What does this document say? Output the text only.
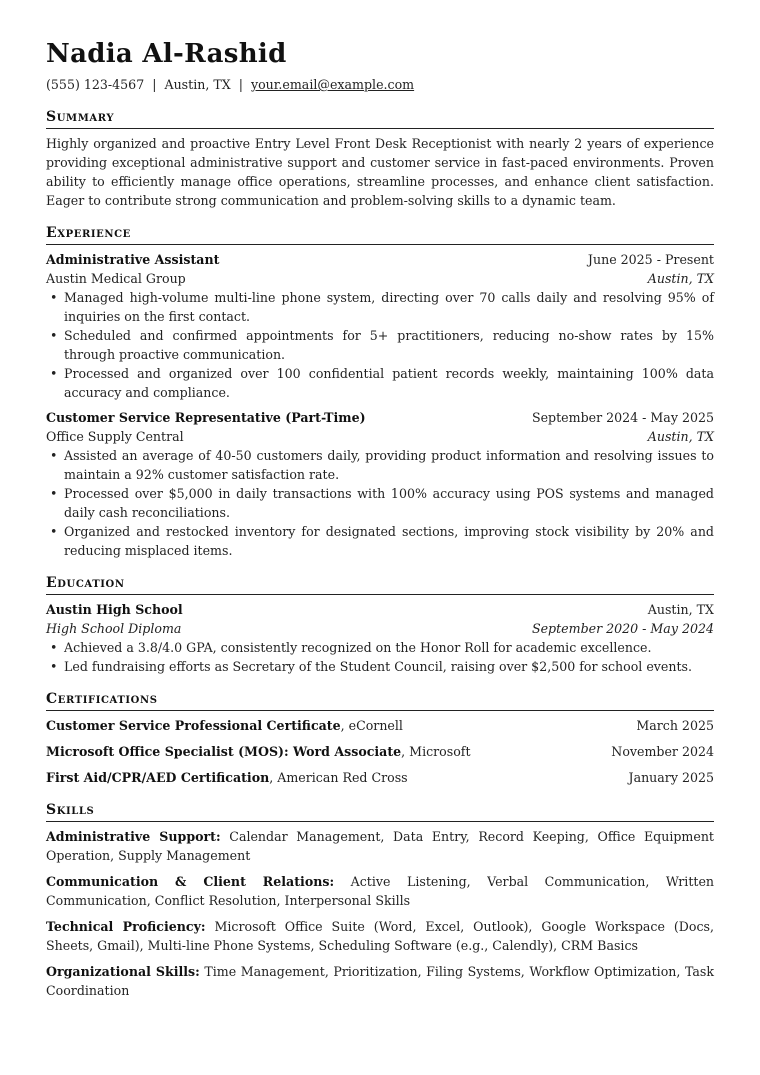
Nadia Al-Rashid
(555) 123-4567 | Austin, TX | your.email@example.com
Summary

Highly organized and proactive Entry Level Front Desk Receptionist with nearly 2 years of experience providing exceptional administrative support and customer service in fast-paced environments. Proven ability to efficiently manage office operations, streamline processes, and enhance client satisfaction. Eager to contribute strong communication and problem-solving skills to a dynamic team.

Experience
Administrative Assistant	June 2025 - Present
Austin Medical Group	Austin, TX
• Managed high-volume multi-line phone system, directing over 70 calls daily and resolving 95% of inquiries on the first contact.
• Scheduled and confirmed appointments for 5+ practitioners, reducing no-show rates by 15% through proactive communication.
• Processed and organized over 100 confidential patient records weekly, maintaining 100% data accuracy and compliance.
Customer Service Representative (Part-Time)	September 2024 - May 2025
Office Supply Central	Austin, TX
• Assisted an average of 40-50 customers daily, providing product information and resolving issues to maintain a 92% customer satisfaction rate.
• Processed over $5,000 in daily transactions with 100% accuracy using POS systems and managed daily cash reconciliations.
• Organized and restocked inventory for designated sections, improving stock visibility by 20% and reducing misplaced items.
Education
Austin High School	Austin, TX
High School Diploma	September 2020 - May 2024
• Achieved a 3.8/4.0 GPA, consistently recognized on the Honor Roll for academic excellence.
• Led fundraising efforts as Secretary of the Student Council, raising over $2,500 for school events.
Certifications
Customer Service Professional Certificate, eCornell	March 2025
Microsoft Office Specialist (MOS): Word Associate, Microsoft	November 2024
First Aid/CPR/AED Certification, American Red Cross	January 2025
Skills

Administrative Support: Calendar Management, Data Entry, Record Keeping, Office Equipment Operation, Supply Management

Communication & Client Relations: Active Listening, Verbal Communication, Written Communication, Conflict Resolution, Interpersonal Skills

Technical Proficiency: Microsoft Office Suite (Word, Excel, Outlook), Google Workspace (Docs, Sheets, Gmail), Multi-line Phone Systems, Scheduling Software (e.g., Calendly), CRM Basics

Organizational Skills: Time Management, Prioritization, Filing Systems, Workflow Optimization, Task Coordination
